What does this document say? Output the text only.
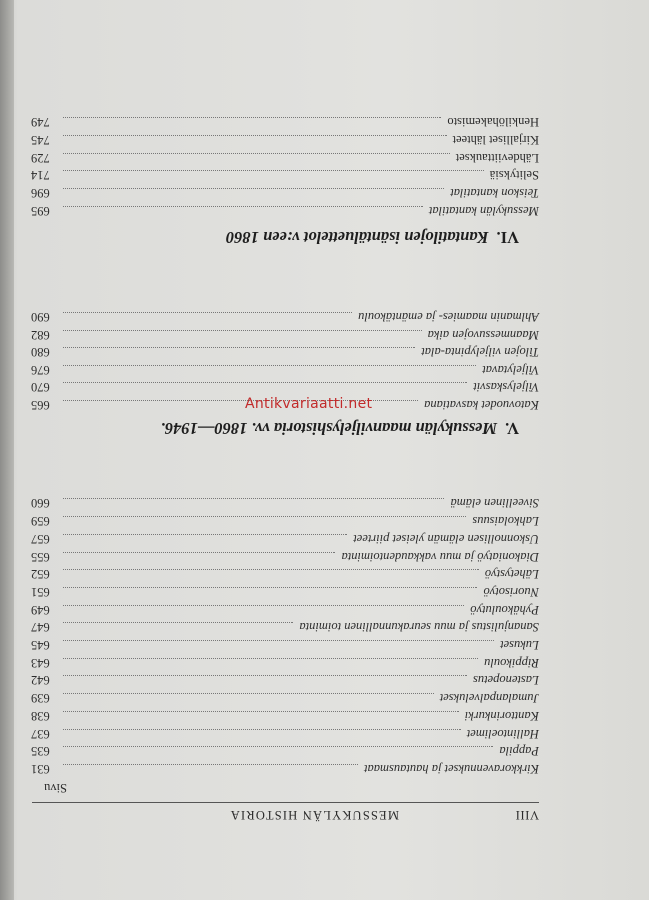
VIII
MESSUKYLÄN HISTORIA
Sivu
Kirkkoravennukset ja hautausmaat
631
Pappila
635
Hallintoelimet
637
Kanttorinkurki
638
Jumalanpalvelukset
639
Lastenopetus
642
Rippikoulu
643
Lukuset
645
Sananjulistus ja muu seurakunnallinen toiminta
647
Pyhäkoulutyö
649
Nuorisotyö
651
Lähetystyö
652
Diakoniatyö ja muu vakkaudentoiminta
655
Uskonnollisen elämän yleiset piirteet
657
Lahkolaisuus
659
Siveellinen elämä
660
V.Messukylän maanviljelyshistoria vv. 1860—1946.
Katovuodet kasvatiana
665
Viljelyskasvit
670
Viljelytavat
676
Tilojen viljelypinta-alat
680
Maanmessuvojen aika
682
Ahlmanin maamies- ja emäntäkoulu
690
VI.Kantatilojen isäntäluettelot v:een 1860
Messukylän kantatilat
695
Teiskon kantatilat
696
Selityksiä
714
Lähdeviittaukset
729
Kirjalliset lähteet
745
Henkilöhakemisto
749
Antikvariaatti.net
